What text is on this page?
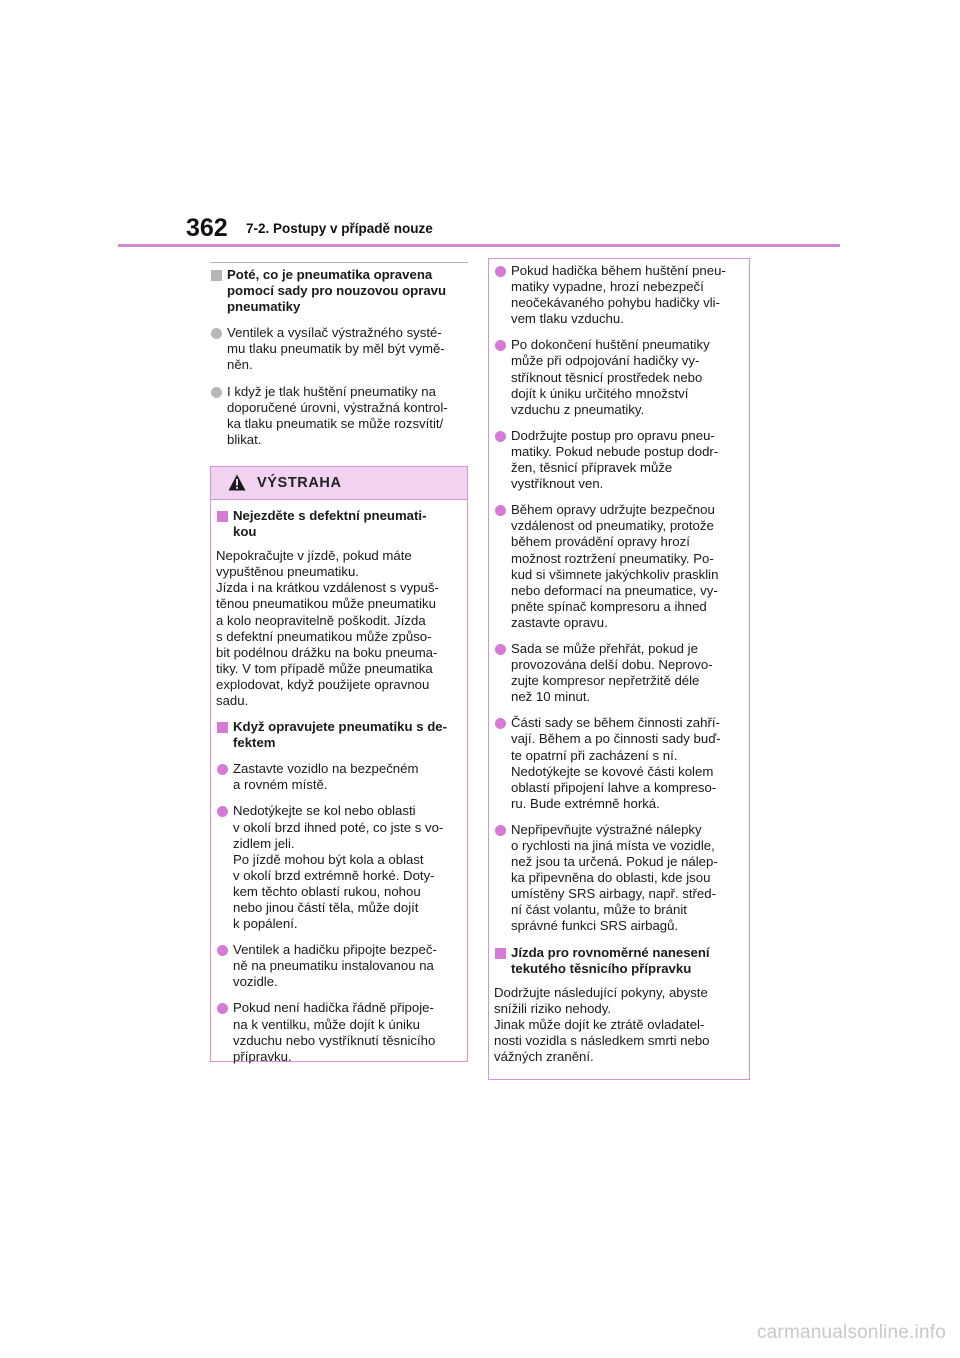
362 7-2. Postupy v případě nouze
Poté, co je pneumatika opravena
pomocí sady pro nouzovou opravu
pneumatiky
Ventilek a vysílač výstražného systé-
mu tlaku pneumatik by měl být vymě-
něn.
I když je tlak huštění pneumatiky na
doporučené úrovni, výstražná kontrol-
ka tlaku pneumatik se může rozsvítit/
blikat.
VÝSTRAHA
Nejezděte s defektní pneumati-
kou
Nepokračujte v jízdě, pokud máte
vypuštěnou pneumatiku.
Jízda i na krátkou vzdálenost s vypuš-
těnou pneumatikou může pneumatiku
a kolo neopravitelně poškodit. Jízda
s defektní pneumatikou může způso-
bit podélnou drážku na boku pneuma-
tiky. V tom případě může pneumatika
explodovat, když použijete opravnou
sadu.
Když opravujete pneumatiku s de-
fektem
Zastavte vozidlo na bezpečném
a rovném místě.
Nedotýkejte se kol nebo oblasti
v okolí brzd ihned poté, co jste s vo-
zidlem jeli.
Po jízdě mohou být kola a oblast
v okolí brzd extrémně horké. Doty-
kem těchto oblastí rukou, nohou
nebo jinou částí těla, může dojít
k popálení.
Ventilek a hadičku připojte bezpeč-
ně na pneumatiku instalovanou na
vozidle.
Pokud není hadička řádně připoje-
na k ventilku, může dojít k úniku
vzduchu nebo vystříknutí těsnicího
přípravku.
Pokud hadička během huštění pneu-
matiky vypadne, hrozí nebezpečí
neočekávaného pohybu hadičky vli-
vem tlaku vzduchu.
Po dokončení huštění pneumatiky
může při odpojování hadičky vy-
stříknout těsnicí prostředek nebo
dojít k úniku určitého množství
vzduchu z pneumatiky.
Dodržujte postup pro opravu pneu-
matiky. Pokud nebude postup dodr-
žen, těsnicí přípravek může
vystříknout ven.
Během opravy udržujte bezpečnou
vzdálenost od pneumatiky, protože
během provádění opravy hrozí
možnost roztržení pneumatiky. Po-
kud si všimnete jakýchkoliv prasklin
nebo deformací na pneumatice, vy-
pněte spínač kompresoru a ihned
zastavte opravu.
Sada se může přehřát, pokud je
provozována delší dobu. Neprovo-
zujte kompresor nepřetržitě déle
než 10 minut.
Části sady se během činnosti zahří-
vají. Během a po činnosti sady buď-
te opatrní při zacházení s ní.
Nedotýkejte se kovové části kolem
oblastí připojení lahve a kompreso-
ru. Bude extrémně horká.
Nepřipevňujte výstražné nálepky
o rychlosti na jiná místa ve vozidle,
než jsou ta určená. Pokud je nálep-
ka připevněna do oblasti, kde jsou
umístěny SRS airbagy, např. střed-
ní část volantu, může to bránit
správné funkci SRS airbagů.
Jízda pro rovnoměrné nanesení
tekutého těsnicího přípravku
Dodržujte následující pokyny, abyste
snížili riziko nehody.
Jinak může dojít ke ztrátě ovladatel-
nosti vozidla s následkem smrti nebo
vážných zranění.
carmanualsonline.info
